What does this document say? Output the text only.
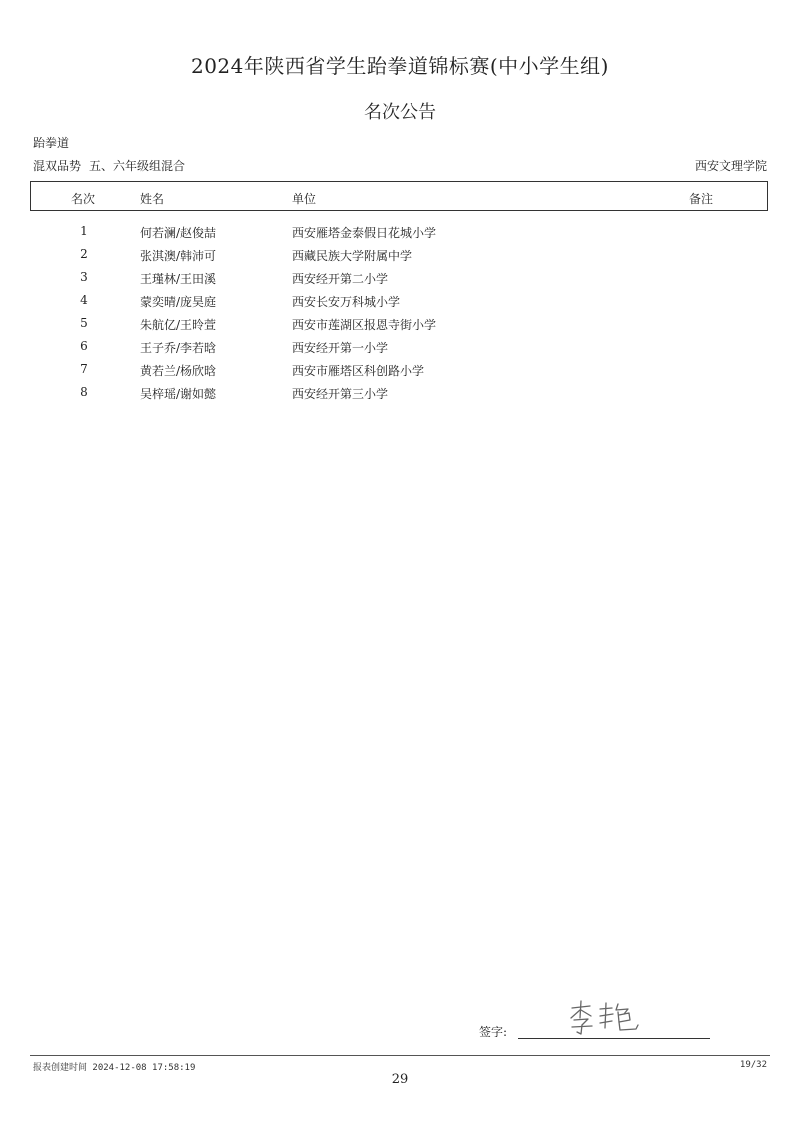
2024年陕西省学生跆拳道锦标赛(中小学生组)
名次公告
跆拳道
混双品势 五、六年级组混合	西安文理学院
名次	姓名	单位	备注
1	何若澜/赵俊喆	西安雁塔金泰假日花城小学
2	张淇澳/韩沛可	西藏民族大学附属中学
3	王瑾林/王田溪	西安经开第二小学
4	蒙奕晴/庞昊庭	西安长安万科城小学
5	朱航亿/王昤萱	西安市莲湖区报恩寺街小学
6	王子乔/李若晗	西安经开第一小学
7	黄若兰/杨欣晗	西安市雁塔区科创路小学
8	吴梓瑶/谢如懿	西安经开第三小学
签字:
报表创建时间 2024-12-08 17:58:19	19/32
29
